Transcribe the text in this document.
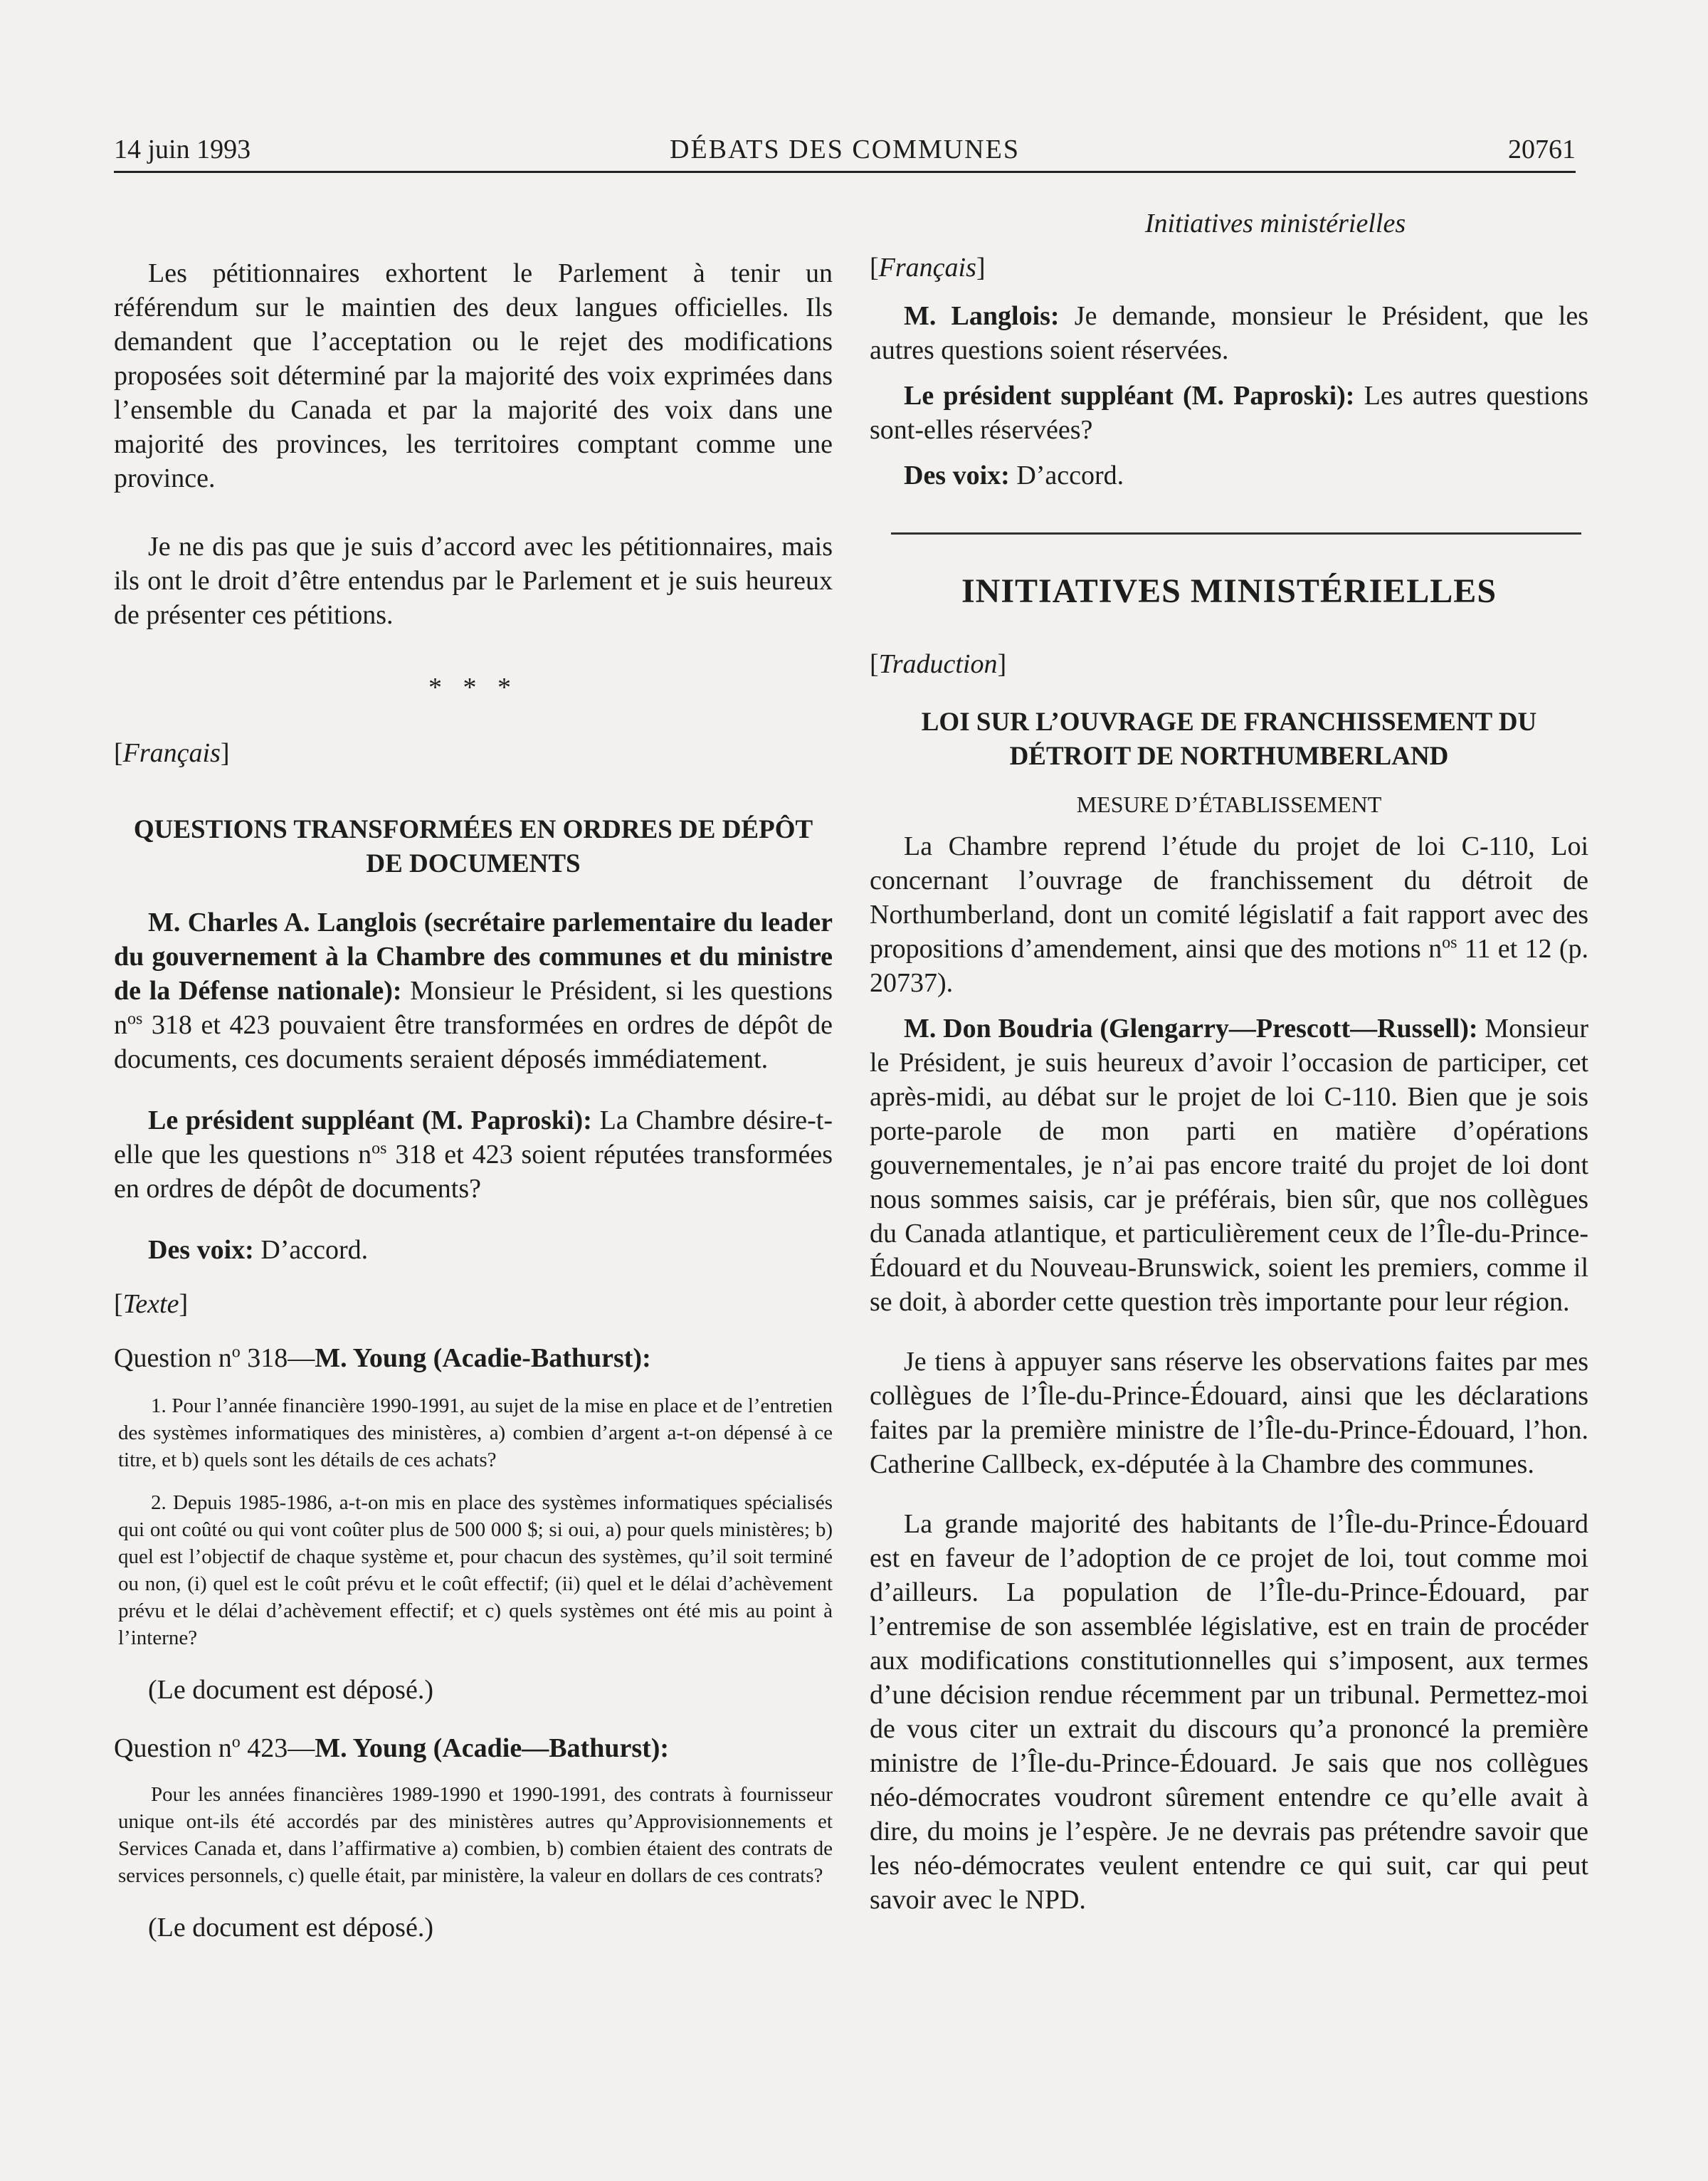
14 juin 1993	DÉBATS DES COMMUNES	20761

Les pétitionnaires exhortent le Parlement à tenir un référendum sur le maintien des deux langues officielles. Ils demandent que l’acceptation ou le rejet des modifications proposées soit déterminé par la majorité des voix exprimées dans l’ensemble du Canada et par la majorité des voix dans une majorité des provinces, les territoires comptant comme une province.

Je ne dis pas que je suis d’accord avec les pétitionnaires, mais ils ont le droit d’être entendus par le Parlement et je suis heureux de présenter ces pétitions.

* * *

[Français]

QUESTIONS TRANSFORMÉES EN ORDRES DE DÉPÔT DE DOCUMENTS

M. Charles A. Langlois (secrétaire parlementaire du leader du gouvernement à la Chambre des communes et du ministre de la Défense nationale): Monsieur le Président, si les questions $n^{os}$ 318 et 423 pouvaient être transformées en ordres de dépôt de documents, ces documents seraient déposés immédiatement.

Le président suppléant (M. Paproski): La Chambre désire-t-elle que les questions $n^{os}$ 318 et 423 soient réputées transformées en ordres de dépôt de documents?

Des voix: D’accord.

[Texte]

Question $n^o$ 318—M. Young (Acadie-Bathurst):

1. Pour l’année financière 1990-1991, au sujet de la mise en place et de l’entretien des systèmes informatiques des ministères, a) combien d’argent a-t-on dépensé à ce titre, et b) quels sont les détails de ces achats?

2. Depuis 1985-1986, a-t-on mis en place des systèmes informatiques spécialisés qui ont coûté ou qui vont coûter plus de 500 000 $; si oui, a) pour quels ministères; b) quel est l’objectif de chaque système et, pour chacun des systèmes, qu’il soit terminé ou non, (i) quel est le coût prévu et le coût effectif; (ii) quel et le délai d’achèvement prévu et le délai d’achèvement effectif; et c) quels systèmes ont été mis au point à l’interne?

(Le document est déposé.)

Question $n^o$ 423—M. Young (Acadie—Bathurst):

Pour les années financières 1989-1990 et 1990-1991, des contrats à fournisseur unique ont-ils été accordés par des ministères autres qu’Approvisionnements et Services Canada et, dans l’affirmative a) combien, b) combien étaient des contrats de services personnels, c) quelle était, par ministère, la valeur en dollars de ces contrats?

(Le document est déposé.)

Initiatives ministérielles

[Français]

M. Langlois: Je demande, monsieur le Président, que les autres questions soient réservées.

Le président suppléant (M. Paproski): Les autres questions sont-elles réservées?

Des voix: D’accord.

INITIATIVES MINISTÉRIELLES

[Traduction]

LOI SUR L’OUVRAGE DE FRANCHISSEMENT DU DÉTROIT DE NORTHUMBERLAND

MESURE D’ÉTABLISSEMENT

La Chambre reprend l’étude du projet de loi C-110, Loi concernant l’ouvrage de franchissement du détroit de Northumberland, dont un comité législatif a fait rapport avec des propositions d’amendement, ainsi que des motions $n^{os}$ 11 et 12 (p. 20737).

M. Don Boudria (Glengarry—Prescott—Russell): Monsieur le Président, je suis heureux d’avoir l’occasion de participer, cet après-midi, au débat sur le projet de loi C-110. Bien que je sois porte-parole de mon parti en matière d’opérations gouvernementales, je n’ai pas encore traité du projet de loi dont nous sommes saisis, car je préférais, bien sûr, que nos collègues du Canada atlantique, et particulièrement ceux de l’Île-du-Prince-Édouard et du Nouveau-Brunswick, soient les premiers, comme il se doit, à aborder cette question très importante pour leur région.

Je tiens à appuyer sans réserve les observations faites par mes collègues de l’Île-du-Prince-Édouard, ainsi que les déclarations faites par la première ministre de l’Île-du-Prince-Édouard, l’hon. Catherine Callbeck, ex-députée à la Chambre des communes.

La grande majorité des habitants de l’Île-du-Prince-Édouard est en faveur de l’adoption de ce projet de loi, tout comme moi d’ailleurs. La population de l’Île-du-Prince-Édouard, par l’entremise de son assemblée législative, est en train de procéder aux modifications constitutionnelles qui s’imposent, aux termes d’une décision rendue récemment par un tribunal. Permettez-moi de vous citer un extrait du discours qu’a prononcé la première ministre de l’Île-du-Prince-Édouard. Je sais que nos collègues néo-démocrates voudront sûrement entendre ce qu’elle avait à dire, du moins je l’espère. Je ne devrais pas prétendre savoir que les néo-démocrates veulent entendre ce qui suit, car qui peut savoir avec le NPD.
